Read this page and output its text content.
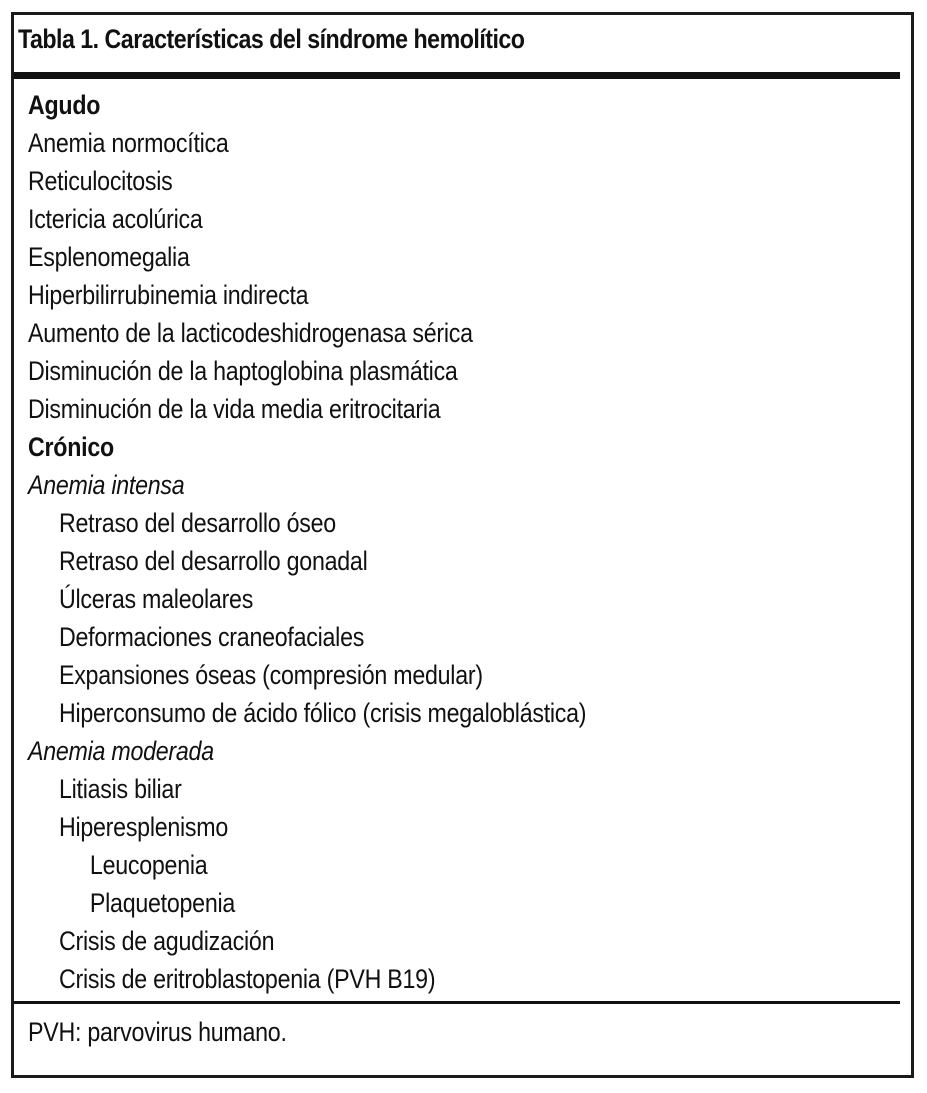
Tabla 1. Características del síndrome hemolítico
Agudo
Anemia normocítica
Reticulocitosis
Ictericia acolúrica
Esplenomegalia
Hiperbilirrubinemia indirecta
Aumento de la lacticodeshidrogenasa sérica
Disminución de la haptoglobina plasmática
Disminución de la vida media eritrocitaria
Crónico
Anemia intensa
Retraso del desarrollo óseo
Retraso del desarrollo gonadal
Úlceras maleolares
Deformaciones craneofaciales
Expansiones óseas (compresión medular)
Hiperconsumo de ácido fólico (crisis megaloblástica)
Anemia moderada
Litiasis biliar
Hiperesplenismo
Leucopenia
Plaquetopenia
Crisis de agudización
Crisis de eritroblastopenia (PVH B19)
PVH: parvovirus humano.
